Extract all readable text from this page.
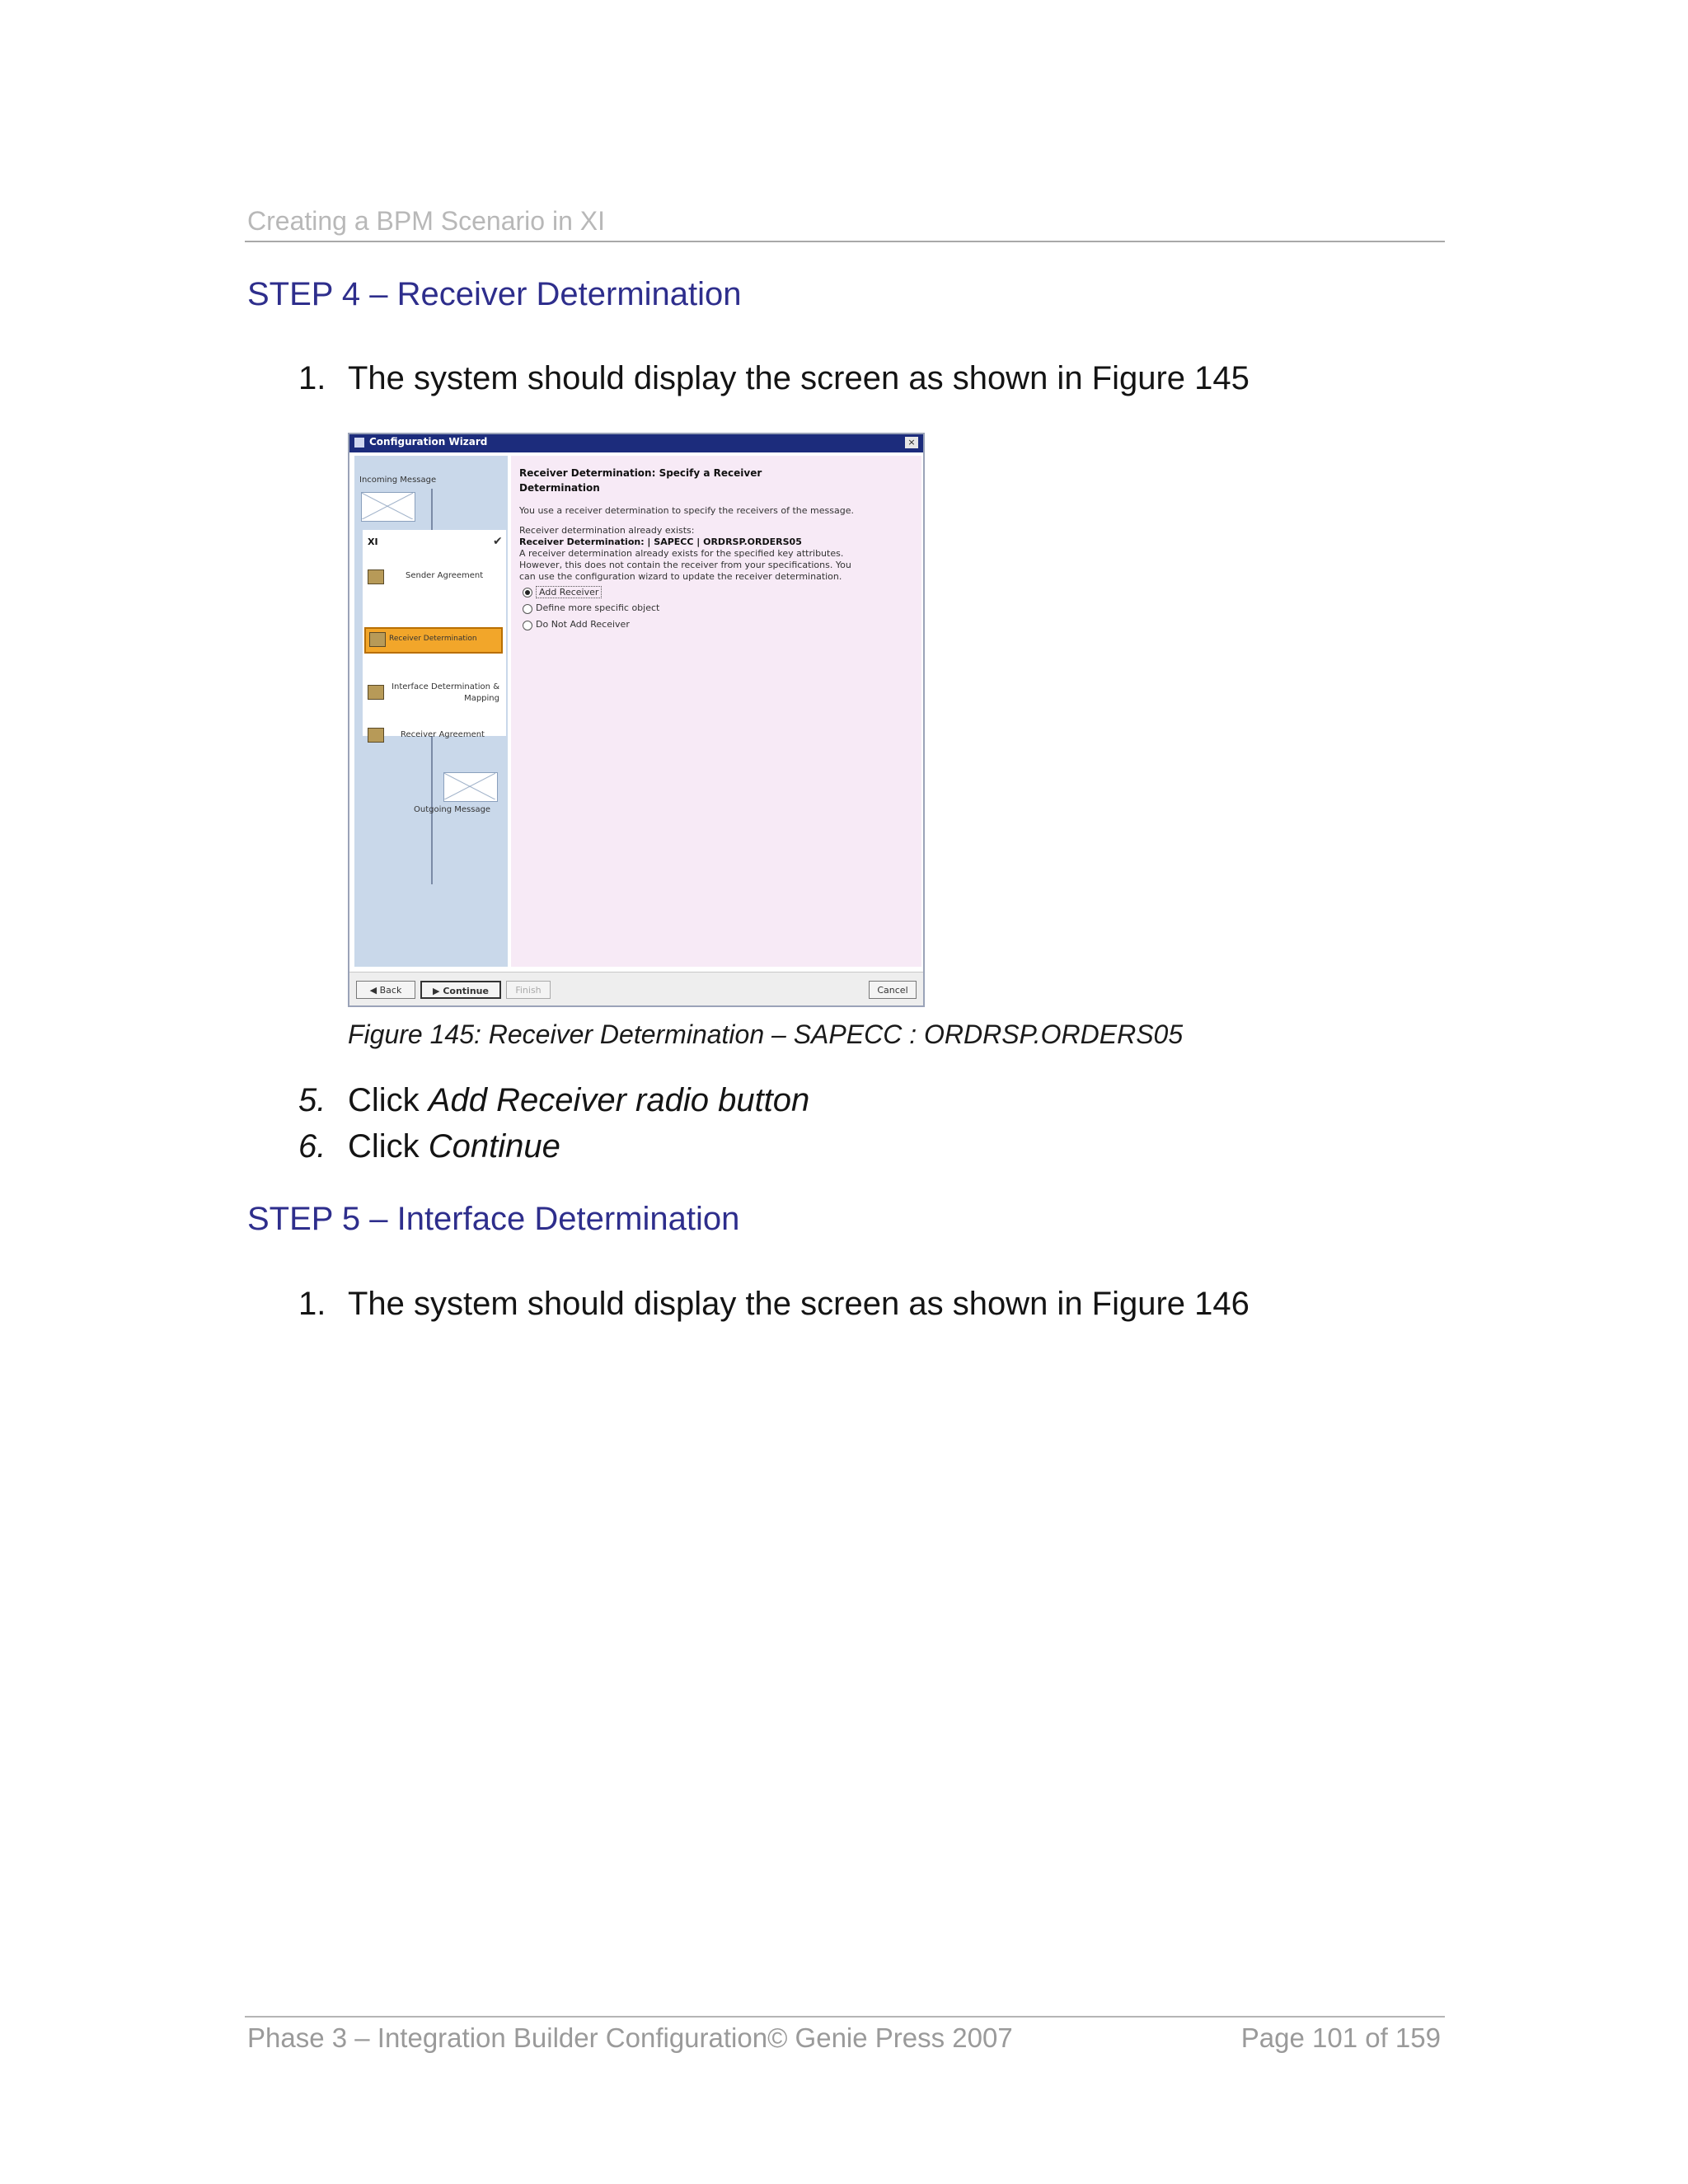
Creating a BPM Scenario in XI
STEP 4 – Receiver Determination
1. The system should display the screen as shown in Figure 145
Configuration Wizard	×
Incoming Message
XI	✔
Sender Agreement
Receiver Determination
Interface Determination & Mapping
Receiver Agreement
Outgoing Message
Receiver Determination: Specify a Receiver Determination
You use a receiver determination to specify the receivers of the message.
Receiver determination already exists:
Receiver Determination: | SAPECC | ORDRSP.ORDERS05
A receiver determination already exists for the specified key attributes.
However, this does not contain the receiver from your specifications. You
can use the configuration wizard to update the receiver determination.
Add Receiver
Define more specific object
Do Not Add Receiver
◀ Back	▶ Continue	Finish	Cancel
Figure 145: Receiver Determination – SAPECC : ORDRSP.ORDERS05
5. Click Add Receiver radio button
6. Click Continue
STEP 5 – Interface Determination
1. The system should display the screen as shown in Figure 146
Phase 3 – Integration Builder Configuration© Genie Press 2007	Page 101 of 159
